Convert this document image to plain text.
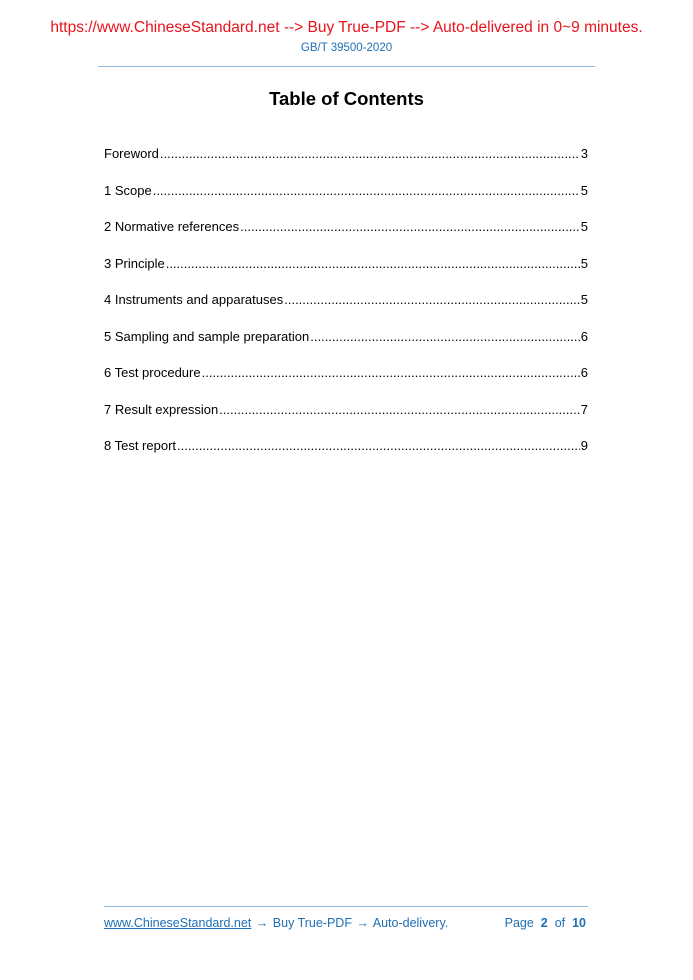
https://www.ChineseStandard.net --> Buy True-PDF --> Auto-delivered in 0~9 minutes.
GB/T 39500-2020
Table of Contents
Foreword .....	3
1 Scope .....	5
2 Normative references .....	5
3 Principle .....	5
4 Instruments and apparatuses .....	5
5 Sampling and sample preparation .....	6
6 Test procedure .....	6
7 Result expression .....	7
8 Test report .....	9
www.ChineseStandard.net → Buy True-PDF → Auto-delivery.	Page 2 of 10
